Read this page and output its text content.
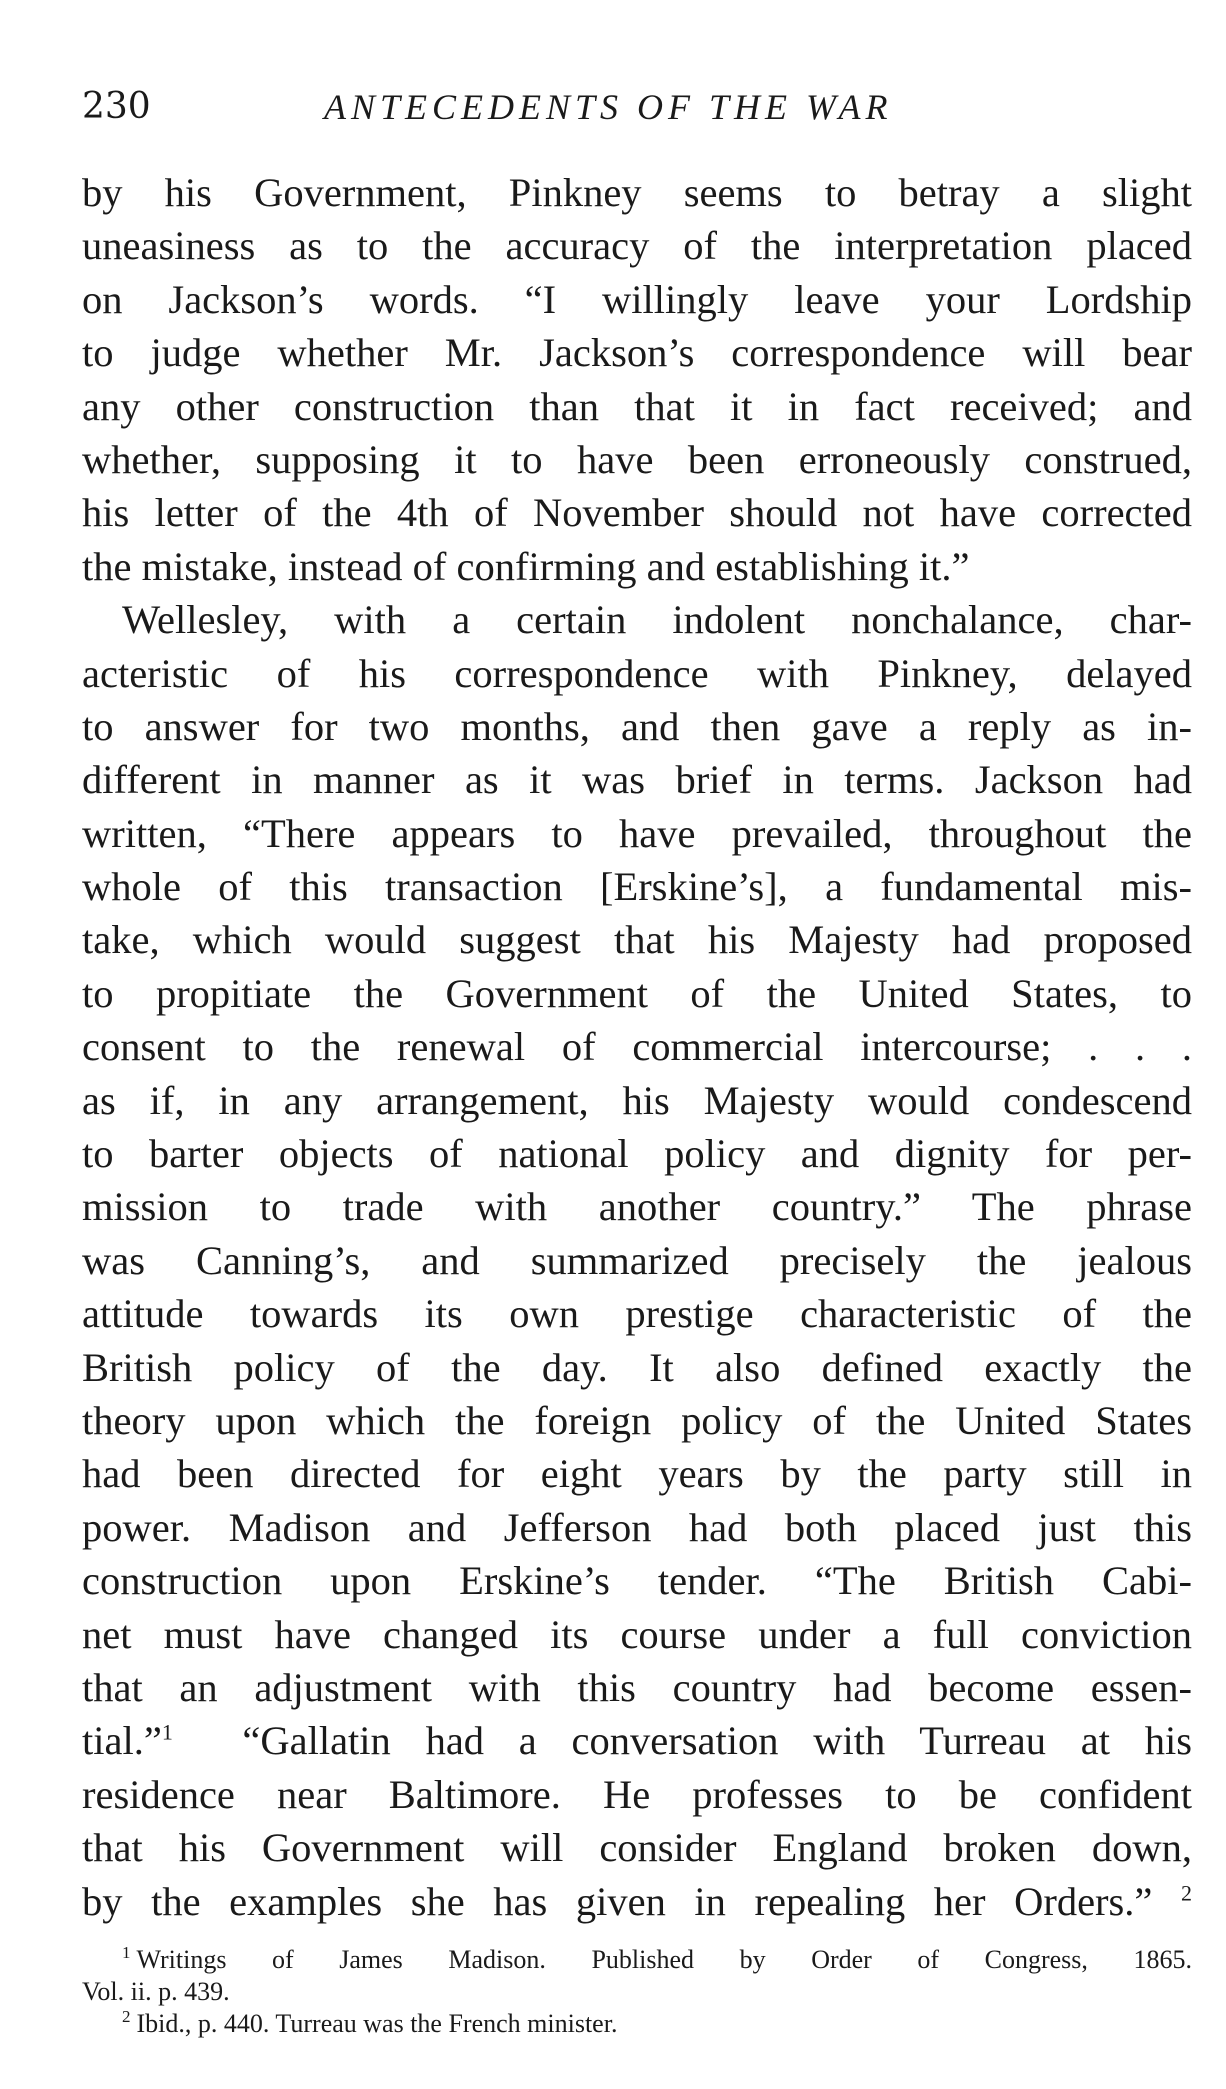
230	ANTECEDENTS OF THE WAR
by his Government, Pinkney seems to betray a slight
uneasiness as to the accuracy of the interpretation placed
on Jackson’s words. “I willingly leave your Lordship
to judge whether Mr. Jackson’s correspondence will bear
any other construction than that it in fact received; and
whether, supposing it to have been erroneously construed,
his letter of the 4th of November should not have corrected
the mistake, instead of confirming and establishing it.”
Wellesley, with a certain indolent nonchalance, char-
acteristic of his correspondence with Pinkney, delayed
to answer for two months, and then gave a reply as in-
different in manner as it was brief in terms. Jackson had
written, “There appears to have prevailed, throughout the
whole of this transaction [Erskine’s], a fundamental mis-
take, which would suggest that his Majesty had proposed
to propitiate the Government of the United States, to
consent to the renewal of commercial intercourse; . . .
as if, in any arrangement, his Majesty would condescend
to barter objects of national policy and dignity for per-
mission to trade with another country.” The phrase
was Canning’s, and summarized precisely the jealous
attitude towards its own prestige characteristic of the
British policy of the day. It also defined exactly the
theory upon which the foreign policy of the United States
had been directed for eight years by the party still in
power. Madison and Jefferson had both placed just this
construction upon Erskine’s tender. “The British Cabi-
net must have changed its course under a full conviction
that an adjustment with this country had become essen-
tial.”$^1$ “Gallatin had a conversation with Turreau at his
residence near Baltimore. He professes to be confident
that his Government will consider England broken down,
by the examples she has given in repealing her Orders.” $^2$
$^1$ Writings of James Madison. Published by Order of Congress, 1865.
Vol. ii. p. 439.
$^2$ Ibid., p. 440. Turreau was the French minister.
